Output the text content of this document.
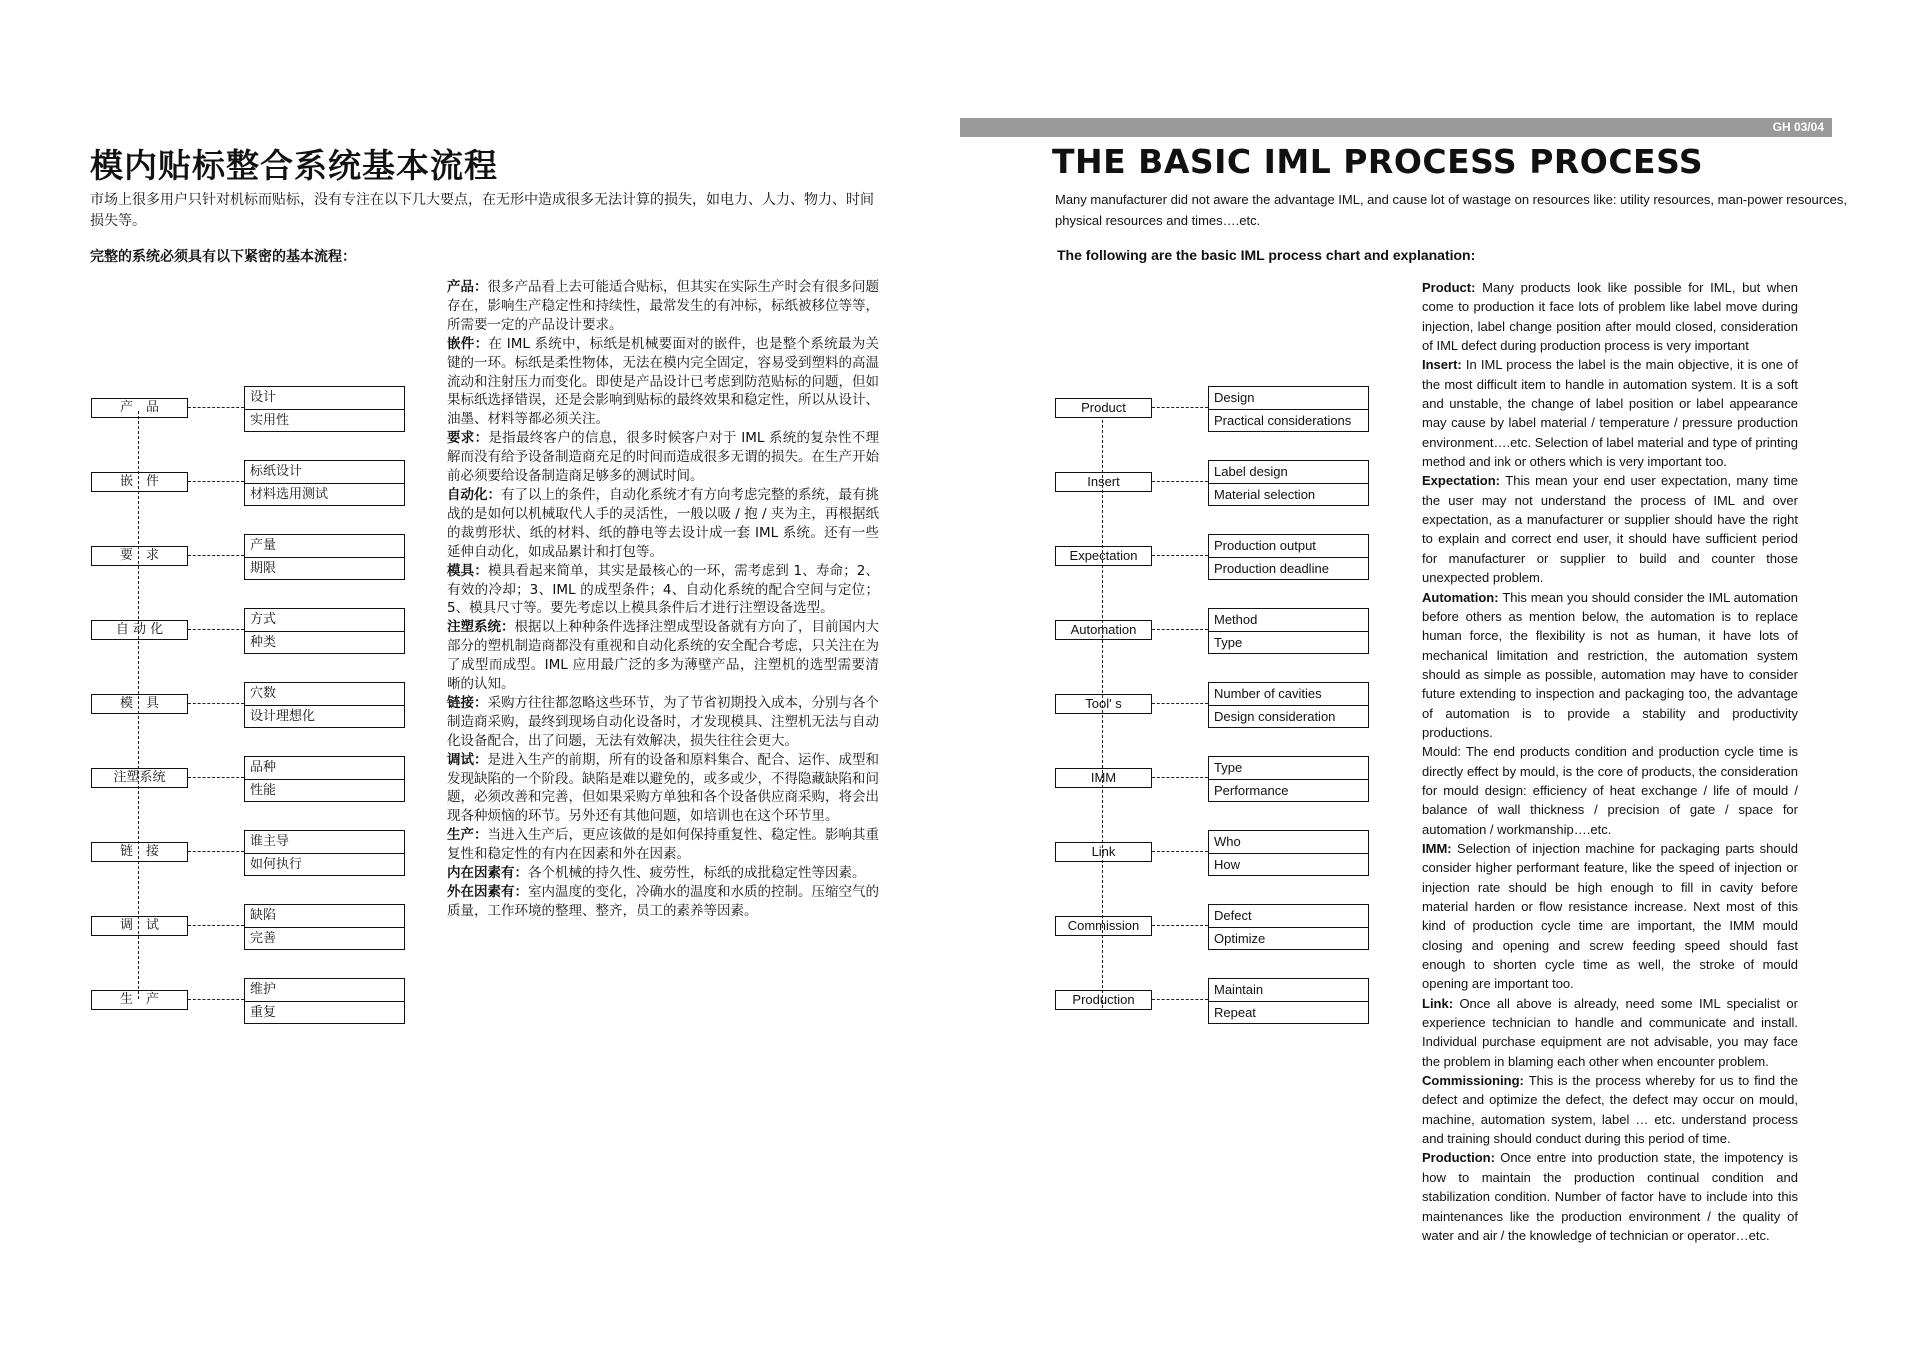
模内贴标整合系统基本流程

市场上很多用户只针对机标而贴标，没有专注在以下几大要点，在无形中造成很多无法计算的损失，如电力、人力、物力、时间损失等。

完整的系统必须具有以下紧密的基本流程：

产　品
设计
实用性
嵌　件
标纸设计
材料选用测试
要　求
产量
期限
自 动 化
方式
种类
模　具
穴数
设计理想化
注塑系统
品种
性能
链　接
谁主导
如何执行
调　试
缺陷
完善
生　产
维护
重复

产品：很多产品看上去可能适合贴标，但其实在实际生产时会有很多问题存在，影响生产稳定性和持续性，最常发生的有冲标，标纸被移位等等，所需要一定的产品设计要求。

嵌件：在 IML 系统中，标纸是机械要面对的嵌件，也是整个系统最为关键的一环。标纸是柔性物体，无法在模内完全固定，容易受到塑料的高温流动和注射压力而变化。即使是产品设计已考虑到防范贴标的问题，但如果标纸选择错误，还是会影响到贴标的最终效果和稳定性，所以从设计、油墨、材料等都必须关注。

要求：是指最终客户的信息，很多时候客户对于 IML 系统的复杂性不理解而没有给予设备制造商充足的时间而造成很多无谓的损失。在生产开始前必须要给设备制造商足够多的测试时间。

自动化：有了以上的条件，自动化系统才有方向考虑完整的系统，最有挑战的是如何以机械取代人手的灵活性，一般以吸 / 抱 / 夹为主，再根据纸的裁剪形状、纸的材料、纸的静电等去设计成一套 IML 系统。还有一些延伸自动化，如成品累计和打包等。

模具：模具看起来简单，其实是最核心的一环，需考虑到 1、寿命；2、有效的冷却；3、IML 的成型条件；4、自动化系统的配合空间与定位；5、模具尺寸等。要先考虑以上模具条件后才进行注塑设备选型。

注塑系统：根据以上种种条件选择注塑成型设备就有方向了，目前国内大部分的塑机制造商都没有重视和自动化系统的安全配合考虑，只关注在为了成型而成型。IML 应用最广泛的多为薄壁产品，注塑机的选型需要清晰的认知。

链接：采购方往往都忽略这些环节，为了节省初期投入成本，分别与各个制造商采购，最终到现场自动化设备时，才发现模具、注塑机无法与自动化设备配合，出了问题，无法有效解决，损失往往会更大。

调试：是进入生产的前期，所有的设备和原料集合、配合、运作、成型和发现缺陷的一个阶段。缺陷是难以避免的，或多或少，不得隐藏缺陷和问题，必须改善和完善，但如果采购方单独和各个设备供应商采购，将会出现各种烦恼的环节。另外还有其他问题，如培训也在这个环节里。

生产：当进入生产后，更应该做的是如何保持重复性、稳定性。影响其重复性和稳定性的有内在因素和外在因素。

内在因素有：各个机械的持久性、疲劳性，标纸的成批稳定性等因素。

外在因素有：室内温度的变化，冷确水的温度和水质的控制。压缩空气的质量，工作环境的整理、整齐，员工的素养等因素。

GH 03/04
THE BASIC IML PROCESS PROCESS

Many manufacturer did not aware the advantage IML, and cause lot of wastage on resources like: utility resources, man-power resources, physical resources and times….etc.

The following are the basic IML process chart and explanation:

Product
Design
Practical considerations
Insert
Label design
Material selection
Expectation
Production output
Production deadline
Automation
Method
Type
Tool' s
Number of cavities
Design consideration
IMM
Type
Performance
Link
Who
How
Commission
Defect
Optimize
Production
Maintain
Repeat

Product: Many products look like possible for IML, but when come to production it face lots of problem like label move during injection, label change position after mould closed, consideration of IML defect during production process is very important

Insert: In IML process the label is the main objective, it is one of the most difficult item to handle in automation system. It is a soft and unstable, the change of label position or label appearance may cause by label material / temperature / pressure production environment….etc. Selection of label material and type of printing method and ink or others which is very important too.

Expectation: This mean your end user expectation, many time the user may not understand the process of IML and over expectation, as a manufacturer or supplier should have the right to explain and correct end user, it should have sufficient period for manufacturer or supplier to build and counter those unexpected problem.

Automation: This mean you should consider the IML automation before others as mention below, the automation is to replace human force, the flexibility is not as human, it have lots of mechanical limitation and restriction, the automation system should as simple as possible, automation may have to consider future extending to inspection and packaging too, the advantage of automation is to provide a stability and productivity productions.

Mould: The end products condition and production cycle time is directly effect by mould, is the core of products, the consideration for mould design: efficiency of heat exchange / life of mould / balance of wall thickness / precision of gate / space for automation / workmanship….etc.

IMM: Selection of injection machine for packaging parts should consider higher performant feature, like the speed of injection or injection rate should be high enough to fill in cavity before material harden or flow resistance increase. Next most of this kind of production cycle time are important, the IMM mould closing and opening and screw feeding speed should fast enough to shorten cycle time as well, the stroke of mould opening are important too.

Link: Once all above is already, need some IML specialist or experience technician to handle and communicate and install. Individual purchase equipment are not advisable, you may face the problem in blaming each other when encounter problem.

Commissioning: This is the process whereby for us to find the defect and optimize the defect, the defect may occur on mould, machine, automation system, label … etc. understand process and training should conduct during this period of time.

Production: Once entre into production state, the impotency is how to maintain the production continual condition and stabilization condition. Number of factor have to include into this maintenances like the production environment / the quality of water and air / the knowledge of technician or operator…etc.
